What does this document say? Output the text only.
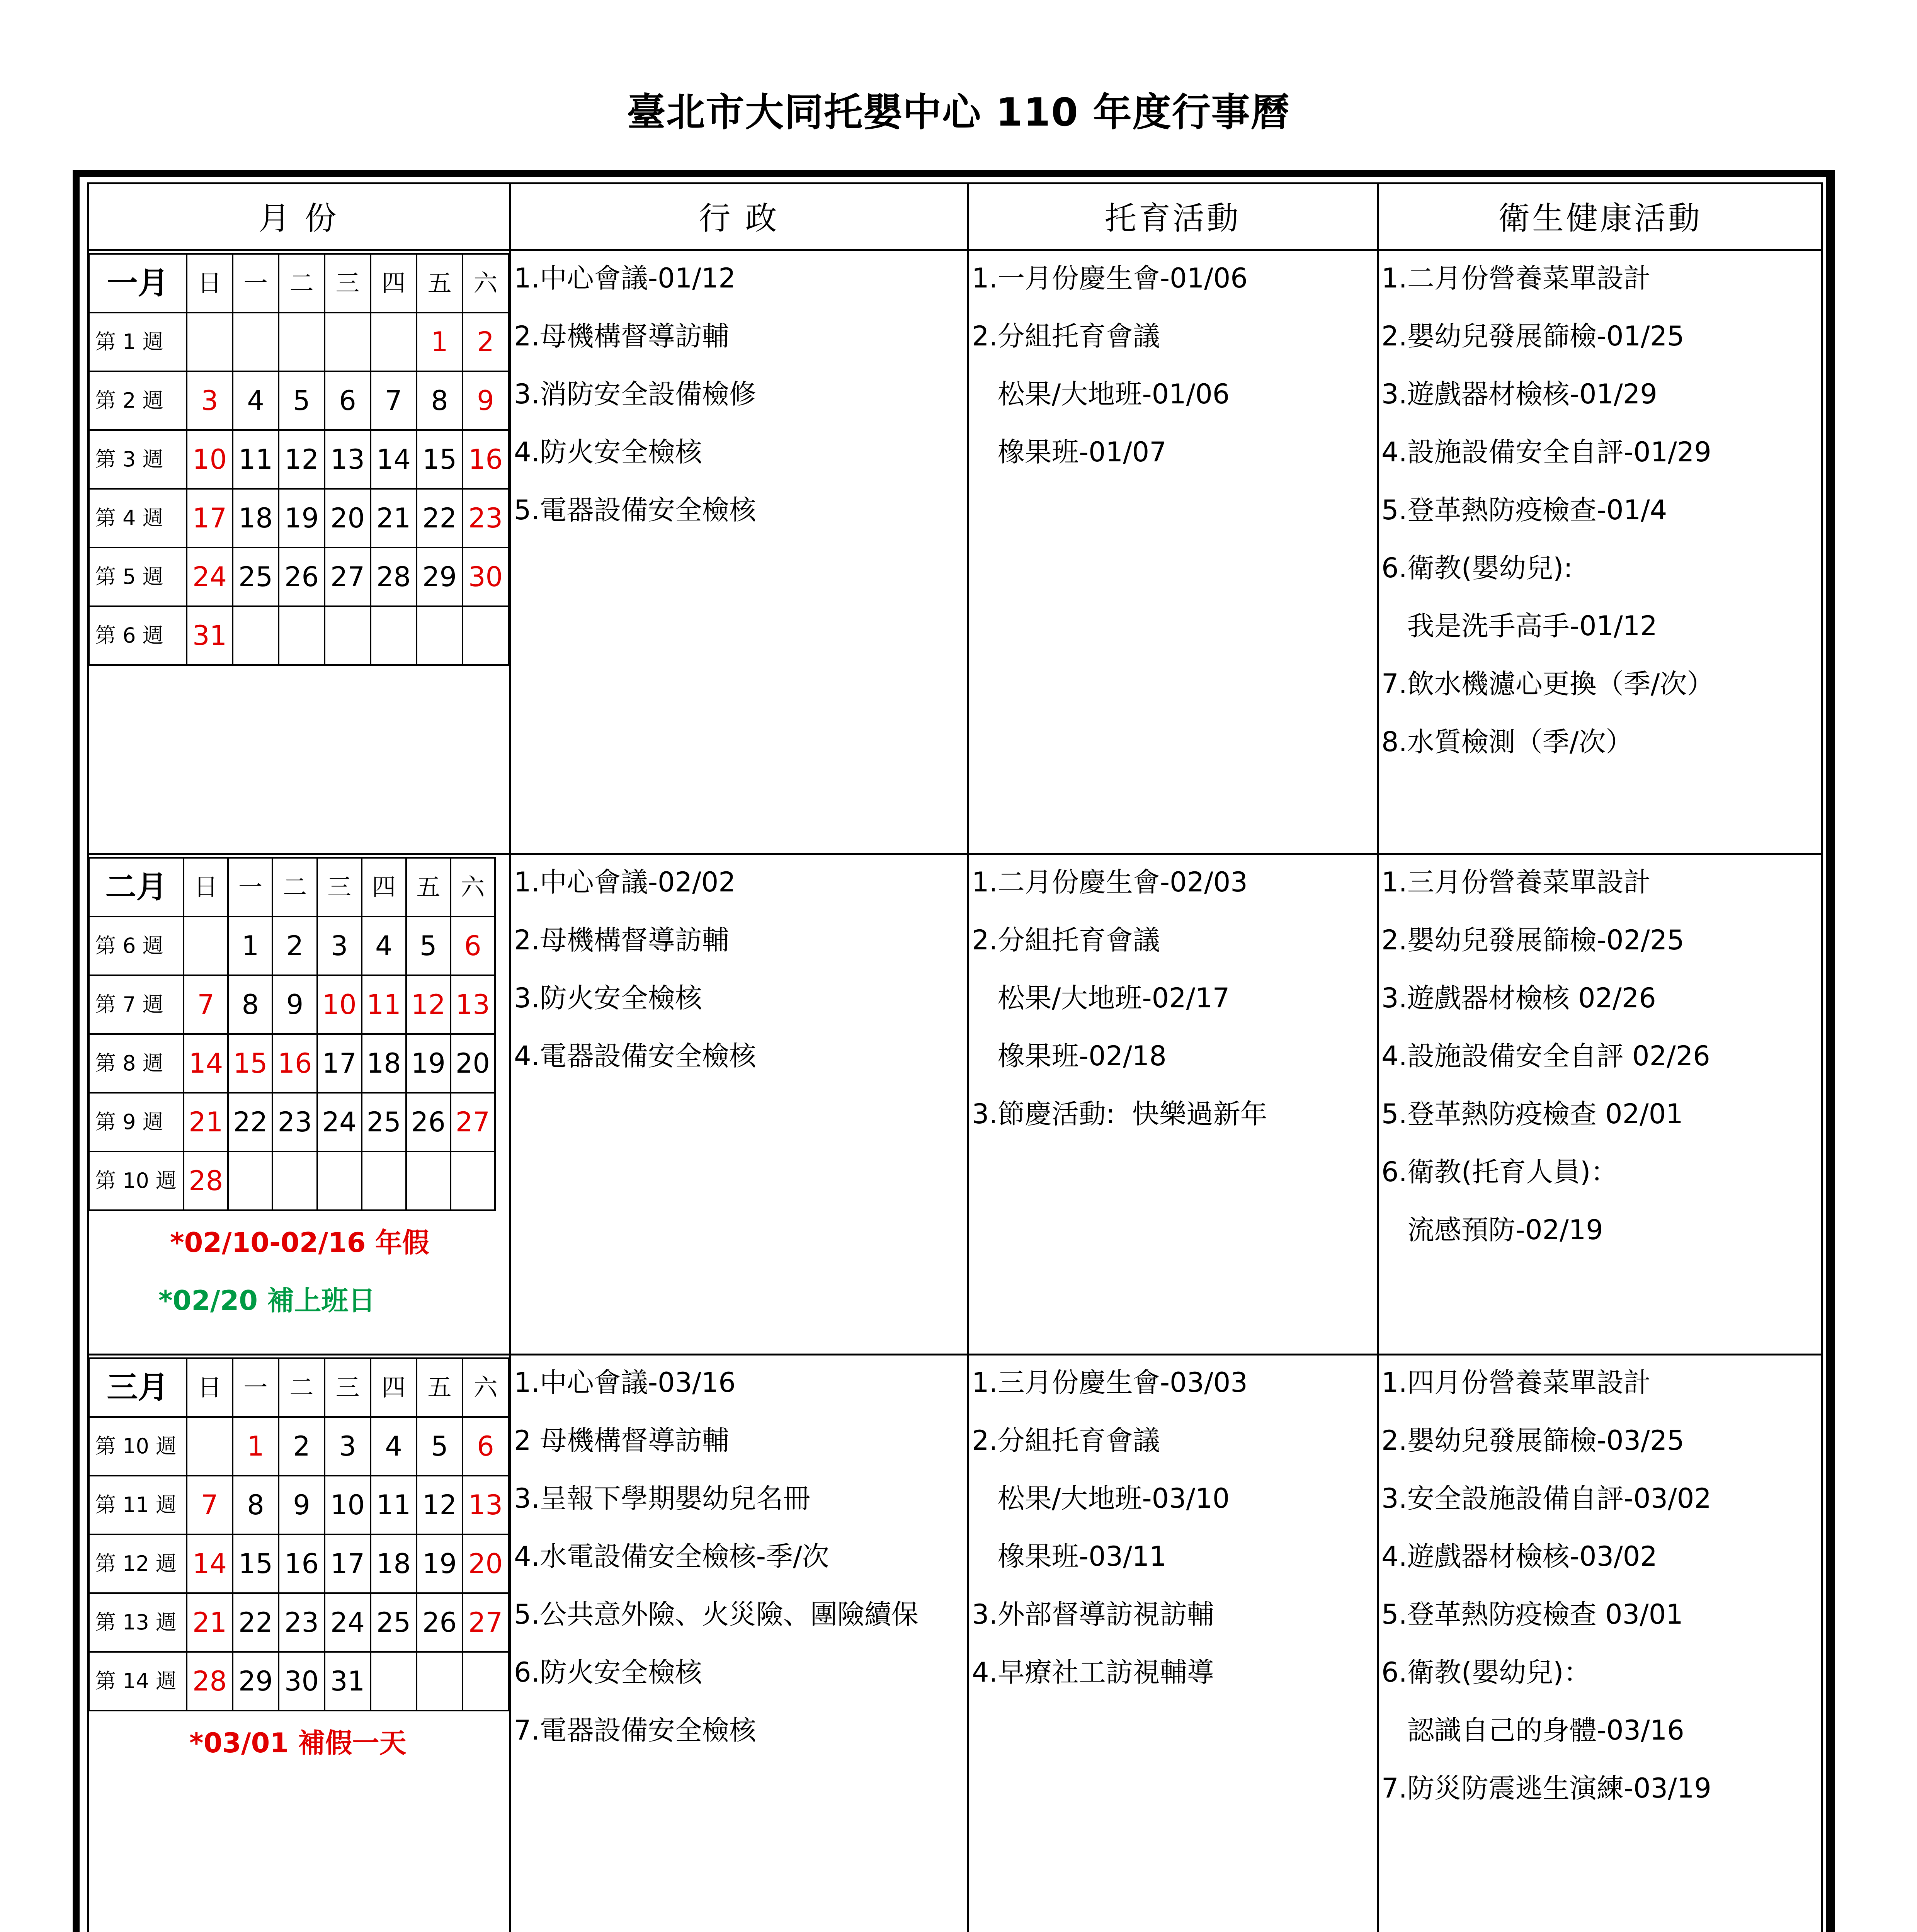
臺北市大同托嬰中心 110 年度行事曆
月 份	行 政	托育活動	衛生健康活動
一月	日	一	二	三	四	五	六
第 1 週						1	2
第 2 週	3	4	5	6	7	8	9
第 3 週	10	11	12	13	14	15	16
第 4 週	17	18	19	20	21	22	23
第 5 週	24	25	26	27	28	29	30
第 6 週	31						
1.中心會議-01/12
2.母機構督導訪輔
3.消防安全設備檢修
4.防火安全檢核
5.電器設備安全檢核
1.一月份慶生會-01/06
2.分組托育會議
松果/大地班-01/06
橡果班-01/07
1.二月份營養菜單設計
2.嬰幼兒發展篩檢-01/25
3.遊戲器材檢核-01/29
4.設施設備安全自評-01/29
5.登革熱防疫檢查-01/4
6.衛教(嬰幼兒):
我是洗手高手-01/12
7.飲水機濾心更換（季/次）
8.水質檢測（季/次）
二月	日	一	二	三	四	五	六
第 6 週		1	2	3	4	5	6
第 7 週	7	8	9	10	11	12	13
第 8 週	14	15	16	17	18	19	20
第 9 週	21	22	23	24	25	26	27
第 10 週	28						
*02/10-02/16 年假
*02/20 補上班日
1.中心會議-02/02
2.母機構督導訪輔
3.防火安全檢核
4.電器設備安全檢核
1.二月份慶生會-02/03
2.分組托育會議
松果/大地班-02/17
橡果班-02/18
3.節慶活動:  快樂過新年
1.三月份營養菜單設計
2.嬰幼兒發展篩檢-02/25
3.遊戲器材檢核 02/26
4.設施設備安全自評 02/26
5.登革熱防疫檢查 02/01
6.衛教(托育人員)：
流感預防-02/19
三月	日	一	二	三	四	五	六
第 10 週		1	2	3	4	5	6
第 11 週	7	8	9	10	11	12	13
第 12 週	14	15	16	17	18	19	20
第 13 週	21	22	23	24	25	26	27
第 14 週	28	29	30	31			
*03/01 補假一天
1.中心會議-03/16
2 母機構督導訪輔
3.呈報下學期嬰幼兒名冊
4.水電設備安全檢核-季/次
5.公共意外險、火災險、團險續保
6.防火安全檢核
7.電器設備安全檢核
1.三月份慶生會-03/03
2.分組托育會議
松果/大地班-03/10
橡果班-03/11
3.外部督導訪視訪輔
4.早療社工訪視輔導
1.四月份營養菜單設計
2.嬰幼兒發展篩檢-03/25
3.安全設施設備自評-03/02
4.遊戲器材檢核-03/02
5.登革熱防疫檢查 03/01
6.衛教(嬰幼兒)：
認識自己的身體-03/16
7.防災防震逃生演練-03/19
